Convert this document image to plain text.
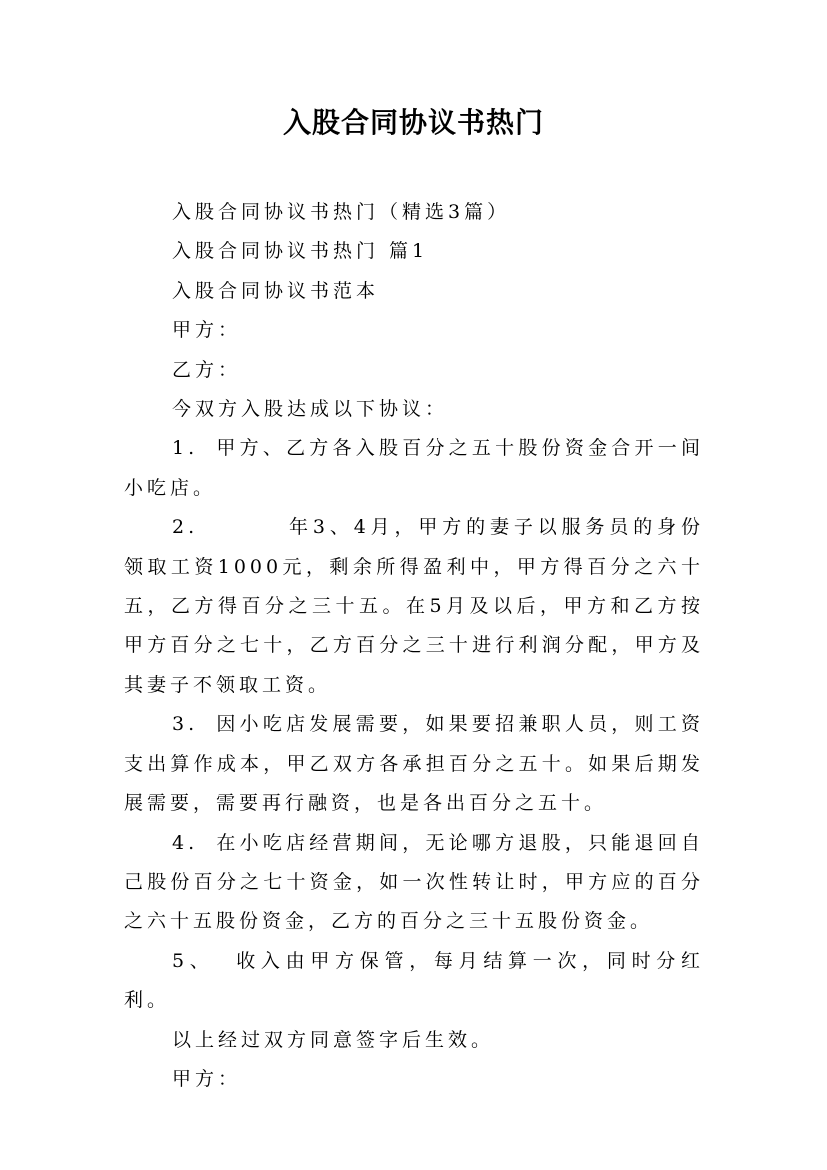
入股合同协议书热门

入股合同协议书热门（精选3篇）

入股合同协议书热门 篇1

入股合同协议书范本

甲方：

乙方：

今双方入股达成以下协议：

1. 甲方、乙方各入股百分之五十股份资金合开一间小吃店。

2.	年3、4月，甲方的妻子以服务员的身份领取工资1000元，剩余所得盈利中，甲方得百分之六十五，乙方得百分之三十五。在5月及以后，甲方和乙方按甲方百分之七十，乙方百分之三十进行利润分配，甲方及其妻子不领取工资。

3. 因小吃店发展需要，如果要招兼职人员，则工资支出算作成本，甲乙双方各承担百分之五十。如果后期发展需要，需要再行融资，也是各出百分之五十。

4. 在小吃店经营期间，无论哪方退股，只能退回自己股份百分之七十资金，如一次性转让时，甲方应的百分之六十五股份资金，乙方的百分之三十五股份资金。

5、 收入由甲方保管，每月结算一次，同时分红利。

以上经过双方同意签字后生效。

甲方：
